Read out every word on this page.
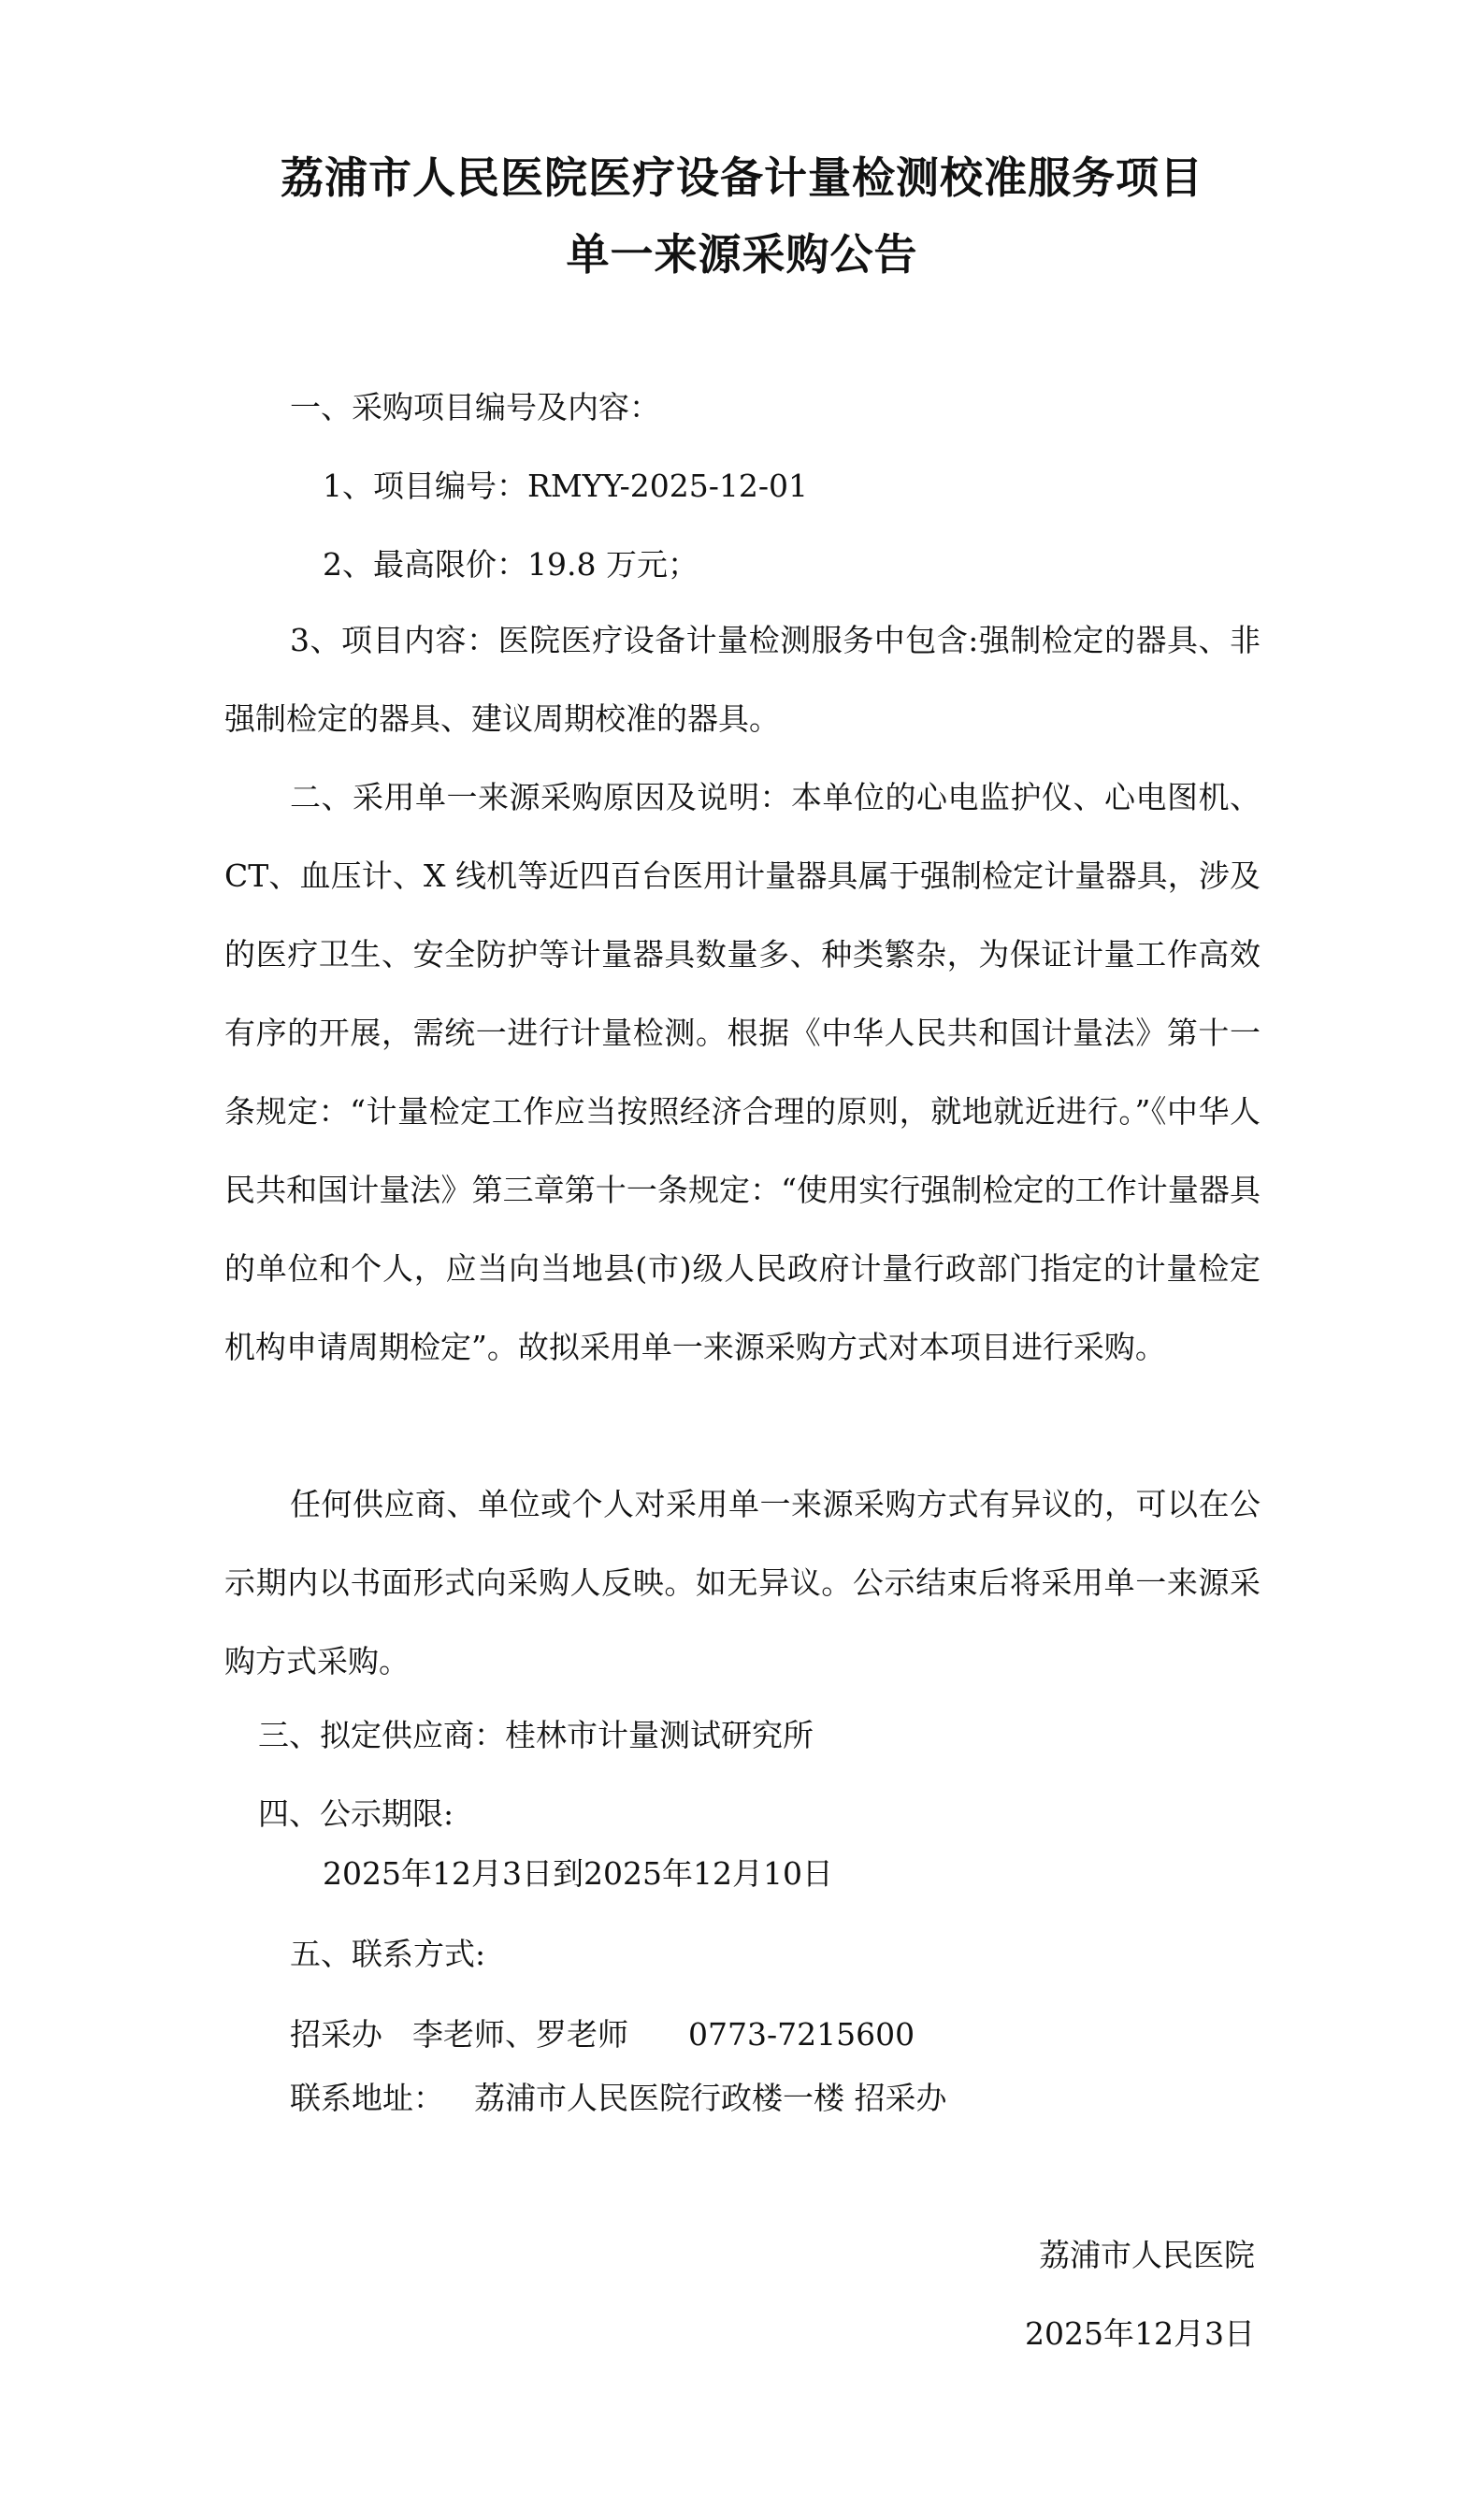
荔浦市人民医院医疗设备计量检测校准服务项目
单一来源采购公告

一、采购项目编号及内容：

1、项目编号：RMYY-2025-12-01

2、最高限价：19.8 万元；

3、项目内容：医院医疗设备计量检测服务中包含:强制检定的器具、非强制检定的器具、建议周期校准的器具。

二、采用单一来源采购原因及说明：本单位的心电监护仪、心电图机、CT、血压计、X 线机等近四百台医用计量器具属于强制检定计量器具，涉及的医疗卫生、安全防护等计量器具数量多、种类繁杂，为保证计量工作高效有序的开展，需统一进行计量检测。根据《中华人民共和国计量法》第十一条规定：“计量检定工作应当按照经济合理的原则，就地就近进行。”《中华人民共和国计量法》第三章第十一条规定：“使用实行强制检定的工作计量器具的单位和个人，应当向当地县(市)级人民政府计量行政部门指定的计量检定机构申请周期检定”。故拟采用单一来源采购方式对本项目进行采购。

任何供应商、单位或个人对采用单一来源采购方式有异议的，可以在公示期内以书面形式向采购人反映。如无异议。公示结束后将采用单一来源采购方式采购。

三、拟定供应商：桂林市计量测试研究所

四、公示期限:

2025年12月3日到2025年12月10日

五、联系方式:

招采办 李老师、罗老师 0773-7215600

联系地址： 荔浦市人民医院行政楼一楼 招采办

荔浦市人民医院

2025年12月3日
